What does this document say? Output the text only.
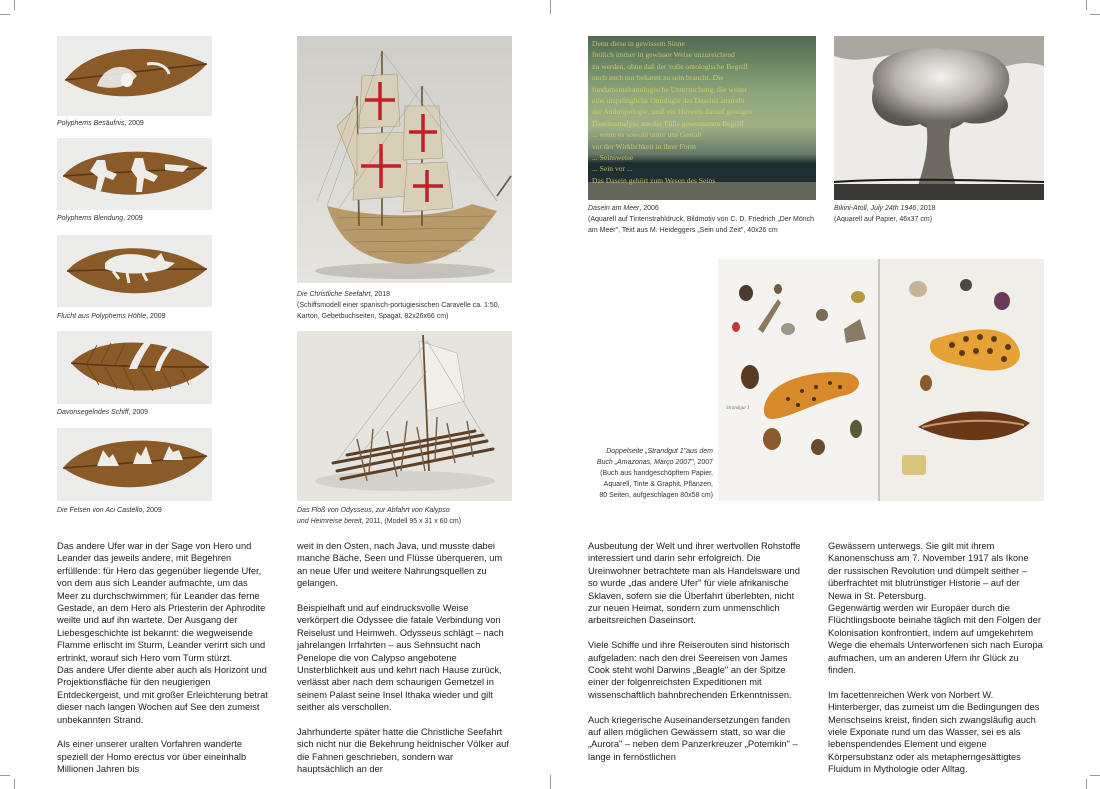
Polyphems Besäufnis, 2009
Polyphems Blendung, 2009
Flucht aus Polyphems Höhle, 2009
Davonsegelndes Schiff, 2009
Die Felsen von Aci Castello, 2009
Die Christliche Seefahrt, 2018
(Schiffsmodell einer spanisch-portugiesischen Caravelle ca. 1:50,
Karton, Gebetbuchseiten, Spagat, 82x26x66 cm)
Das Floß von Odysseus, zur Abfahrt von Kalypso
und Heimreise bereit, 2011, (Modell 95 x 31 x 60 cm)
Denn diese in gewissem Sinne
freilich immer in gewisser Weise unzureichend
zu werden, ohne daß der volle ontologische Begriff
noch auch nur bekannt zu sein braucht. Die
fundamentalontologische Untersuchung, die weiter
eine ursprüngliche Ontologie des Daseins anstrebt
der Anthropologie, muß ein Hinweis darauf genügen
Daseinsanalyse aus der Fülle gewonnenen Begriff
... wenn es sowohl unter uns Gestalt
vor der Wirklichkeit in ihrer Form
... Seinsweise
... Sein vor ...
Das Dasein gehört zum Wesen des Seins
Dasein am Meer, 2006
(Aquarell auf Tintenstrahldruck, Bildmotiv von C. D. Friedrich „Der Mönch
am Meer", Text aus M. Heideggers „Sein und Zeit", 40x26 cm
Bikini-Atoll, July 24th 1946, 2018
(Aquarell auf Papier, 46x37 cm)
Strandgut 1
Doppelseite „Strandgut 1"aus dem
Buch „Amazonas, Março 2007", 2007
(Buch aus handgeschöpftem Papier,
Aquarell, Tinte & Graphit, Pflanzen,
80 Seiten, aufgeschlagen 80x58 cm)

Das andere Ufer war in der Sage von Hero und Leander das jeweils andere, mit Begehren erfüllende: für Hero das gegenüber liegende Ufer, von dem aus sich Leander aufmachte, um das Meer zu durchschwimmen; für Leander das ferne Gestade, an dem Hero als Priesterin der Aphrodite weilte und auf ihn wartete. Der Ausgang der Liebesgeschichte ist bekannt: die wegweisende Flamme erlischt im Sturm, Leander verirrt sich und ertrinkt, worauf sich Hero vom Turm stürzt.
Das andere Ufer diente aber auch als Horizont und Projektionsfläche für den neugierigen Entdeckergeist, und mit großer Erleichterung betrat dieser nach langen Wochen auf See den zumeist unbekannten Strand.

Als einer unserer uralten Vorfahren wanderte speziell der Homo erectus vor über eineinhalb Millionen Jahren bis

weit in den Osten, nach Java, und musste dabei manche Bäche, Seen und Flüsse überqueren, um an neue Ufer und weitere Nahrungsquellen zu gelangen.

Beispielhaft und auf eindrucksvolle Weise verkörpert die Odyssee die fatale Verbindung von Reiselust und Heimweh. Odysseus schlägt – nach jahrelangen Irrfahrten – aus Sehnsucht nach Penelope die von Calypso angebotene Unsterblichkeit aus und kehrt nach Hause zurück, verlässt aber nach dem schaurigen Gemetzel in seinem Palast seine Insel Ithaka wieder und gilt seither als verschollen.

Jahrhunderte später hatte die Christliche Seefahrt sich nicht nur die Bekehrung heidnischer Völker auf die Fahnen geschrieben, sondern war hauptsächlich an der

Ausbeutung der Welt und ihrer wertvollen Rohstoffe interessiert und darin sehr erfolgreich. Die Ureinwohner betrachtete man als Handelsware und so wurde „das andere Ufer" für viele afrikanische Sklaven, sofern sie die Überfahrt überlebten, nicht zur neuen Heimat, sondern zum unmenschlich arbeitsreichen Daseinsort.

Viele Schiffe und ihre Reiserouten sind historisch aufgeladen: nach den drei Seereisen von James Cook steht wohl Darwins „Beagle" an der Spitze einer der folgenreichsten Expeditionen mit wissenschaftlich bahnbrechenden Erkenntnissen.

Auch kriegerische Auseinandersetzungen fanden auf allen möglichen Gewässern statt, so war die „Aurora" – neben dem Panzerkreuzer „Potemkin" – lange in fernöstlichen

Gewässern unterwegs. Sie gilt mit ihrem Kanonenschuss am 7. November 1917 als Ikone der russischen Revolution und dümpelt seither – überfrachtet mit blutrünstiger Historie – auf der Newa in St. Petersburg.
Gegenwärtig werden wir Europäer durch die Flüchtlingsboote beinahe täglich mit den Folgen der Kolonisation konfrontiert, indem auf umgekehrtem Wege die ehemals Unterworfenen sich nach Europa aufmachen, um an anderen Ufern ihr Glück zu finden.

Im facettenreichen Werk von Norbert W. Hinterberger, das zumeist um die Bedingungen des Menschseins kreist, finden sich zwangsläufig auch viele Exponate rund um das Wasser, sei es als lebenspendendes Element und eigene Körpersubstanz oder als metapherngesättigtes Fluidum in Mythologie oder Alltag.
